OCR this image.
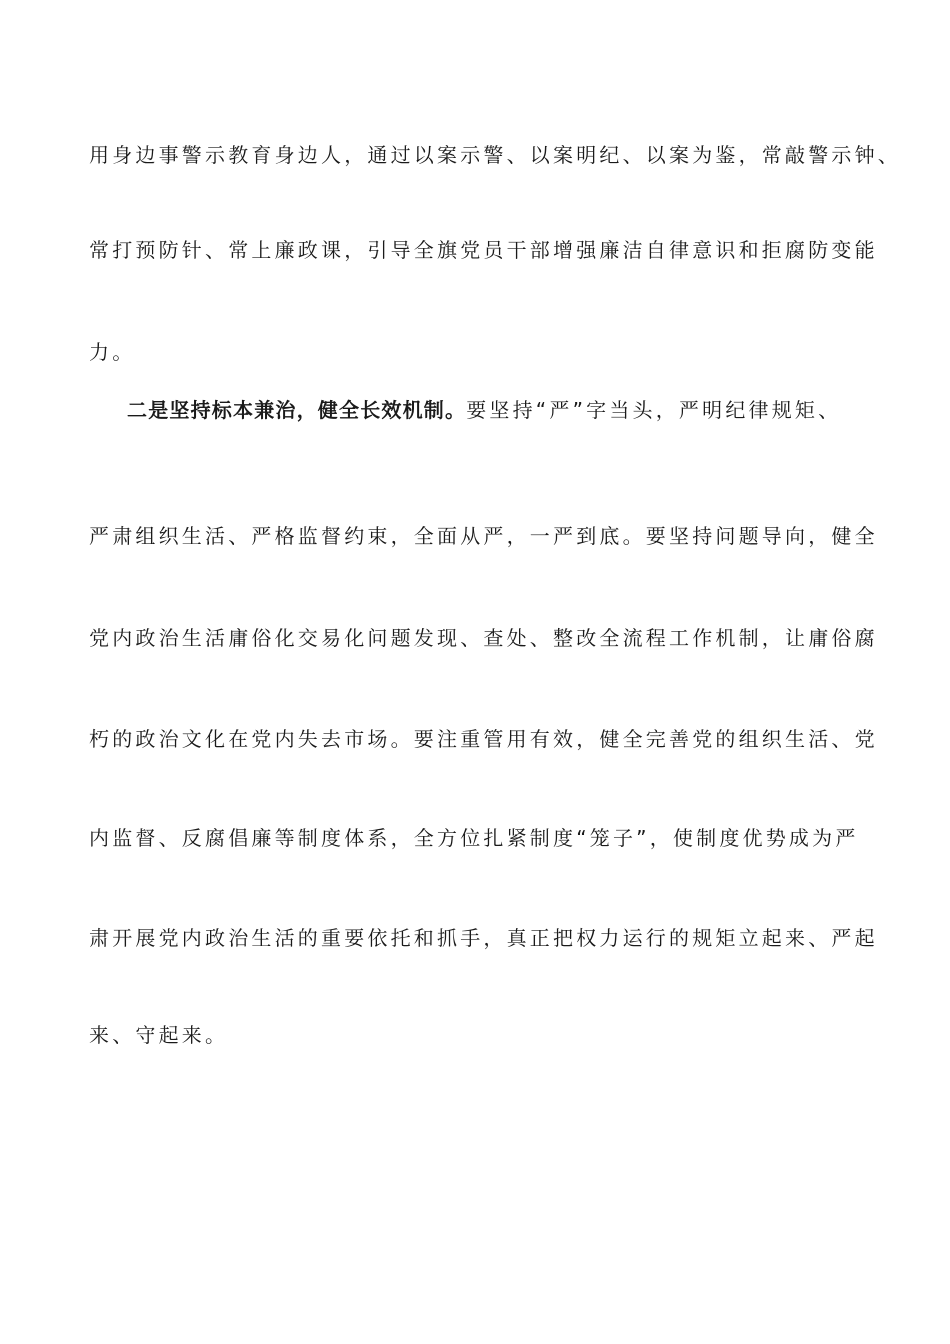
用身边事警示教育身边人，通过以案示警、以案明纪、以案为鉴，常敲警示钟、
常打预防针、常上廉政课，引导全旗党员干部增强廉洁自律意识和拒腐防变能
力。
二是坚持标本兼治，健全长效机制。要坚持“严”字当头，严明纪律规矩、
严肃组织生活、严格监督约束，全面从严，一严到底。要坚持问题导向，健全
党内政治生活庸俗化交易化问题发现、查处、整改全流程工作机制，让庸俗腐
朽的政治文化在党内失去市场。要注重管用有效，健全完善党的组织生活、党
内监督、反腐倡廉等制度体系，全方位扎紧制度“笼子”，使制度优势成为严
肃开展党内政治生活的重要依托和抓手，真正把权力运行的规矩立起来、严起
来、守起来。
